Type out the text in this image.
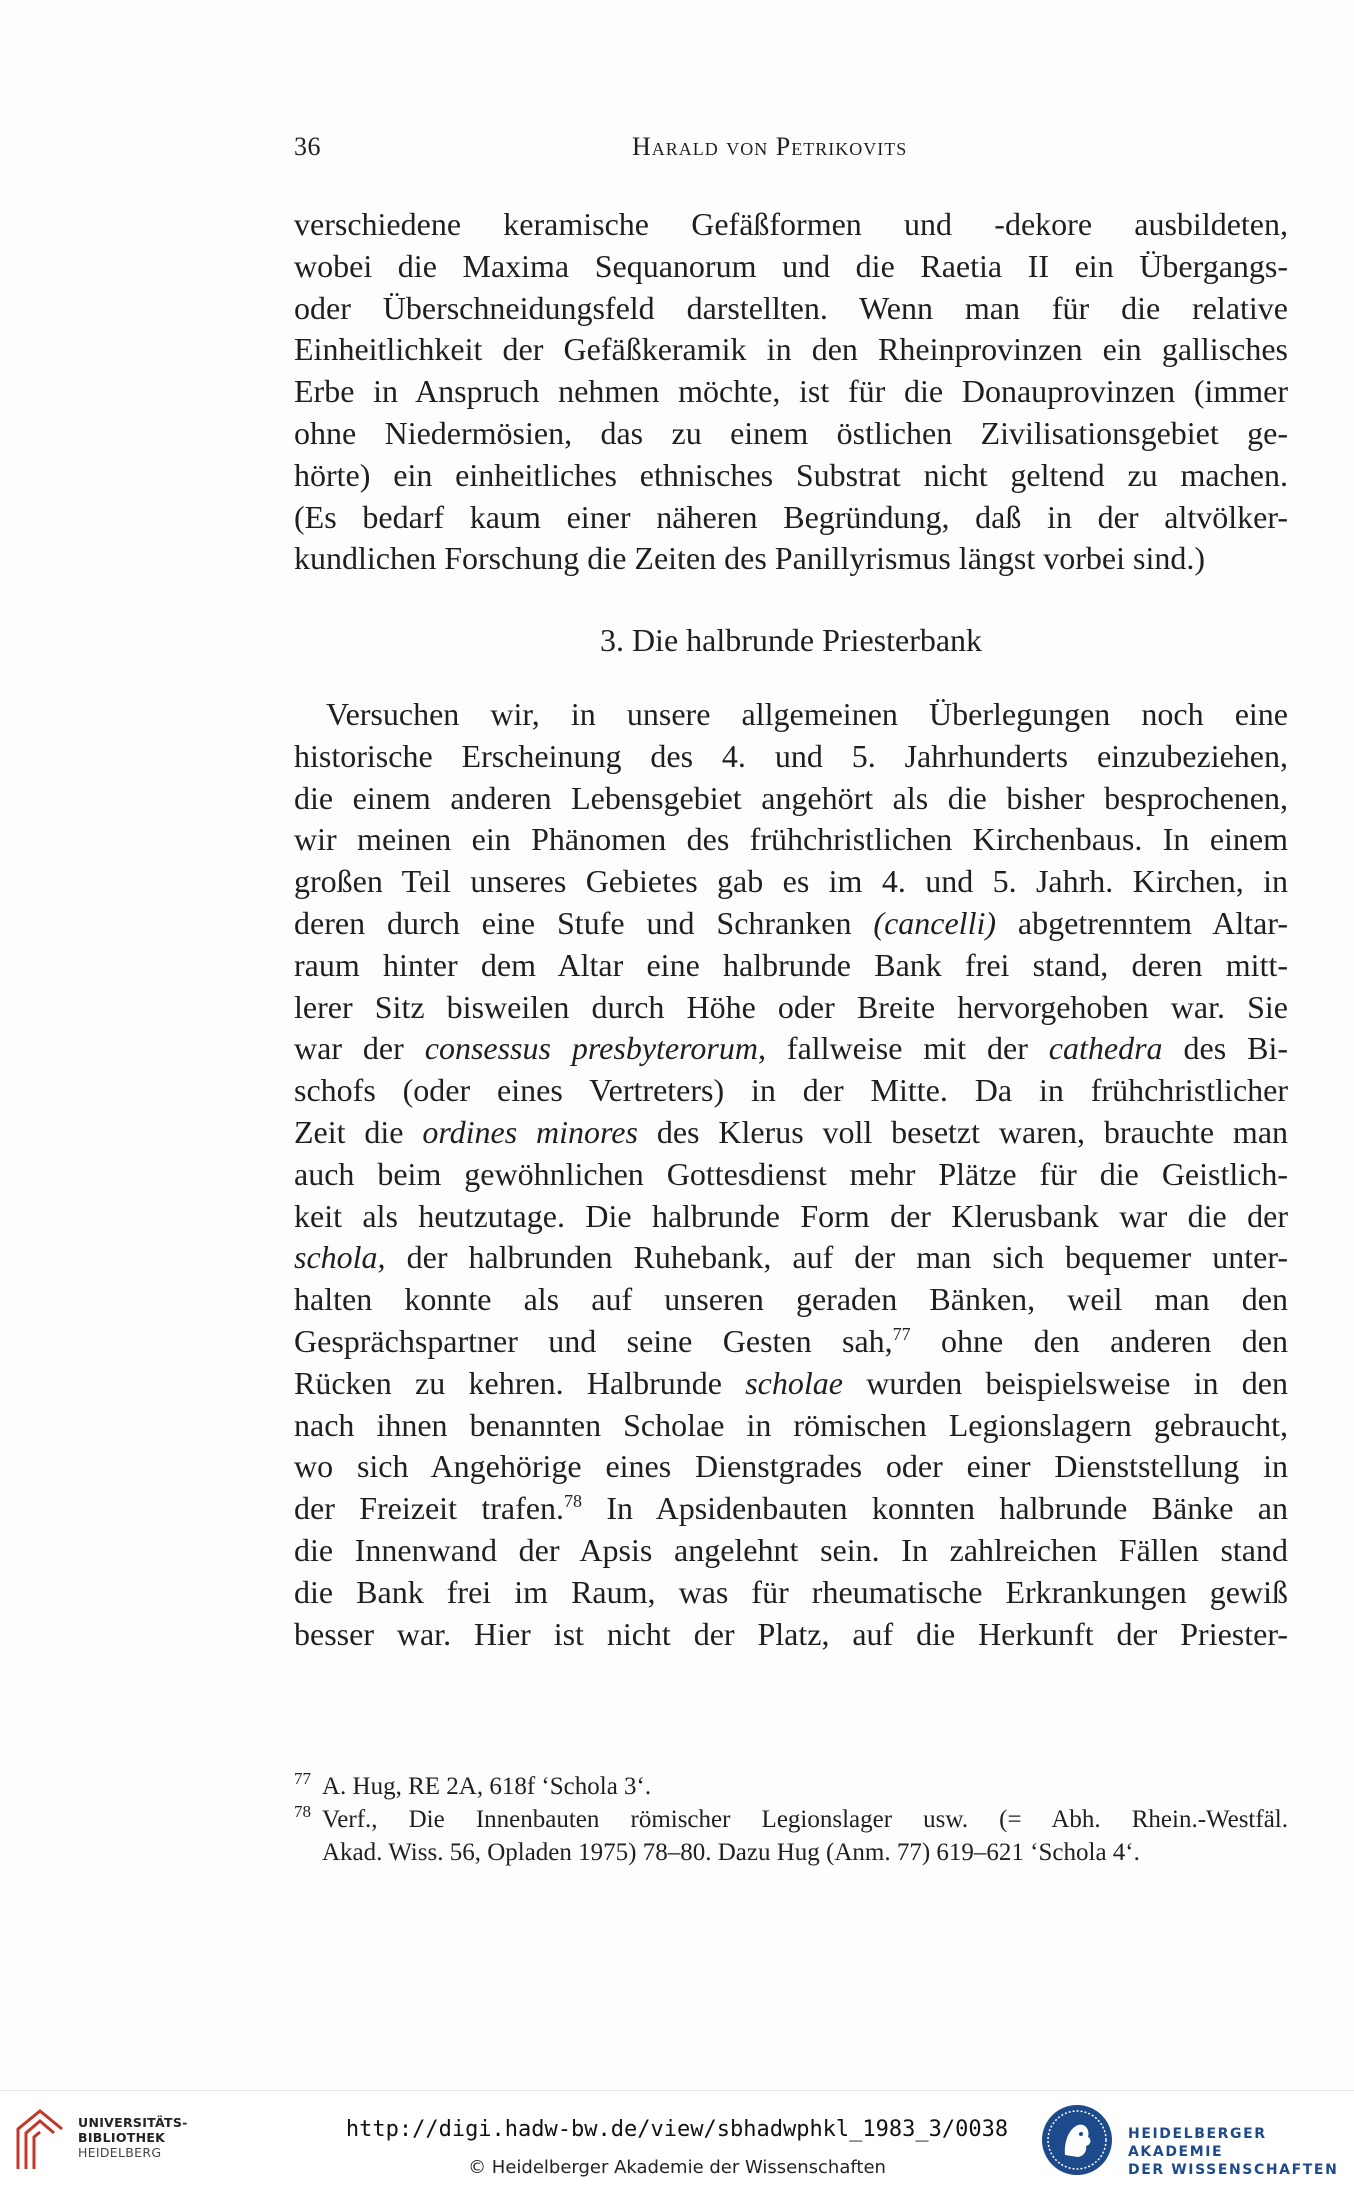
36	Harald von Petrikovits

verschiedene keramische Gefäßformen und -dekore ausbildeten,
wobei die Maxima Sequanorum und die Raetia II ein Übergangs-
oder Überschneidungsfeld darstellten. Wenn man für die relative
Einheitlichkeit der Gefäßkeramik in den Rheinprovinzen ein gallisches
Erbe in Anspruch nehmen möchte, ist für die Donauprovinzen (immer
ohne Niedermösien, das zu einem östlichen Zivilisationsgebiet ge-
hörte) ein einheitliches ethnisches Substrat nicht geltend zu machen.
(Es bedarf kaum einer näheren Begründung, daß in der altvölker-
kundlichen Forschung die Zeiten des Panillyrismus längst vorbei sind.)

3. Die halbrunde Priesterbank

Versuchen wir, in unsere allgemeinen Überlegungen noch eine
historische Erscheinung des 4. und 5. Jahrhunderts einzubeziehen,
die einem anderen Lebensgebiet angehört als die bisher besprochenen,
wir meinen ein Phänomen des frühchristlichen Kirchenbaus. In einem
großen Teil unseres Gebietes gab es im 4. und 5. Jahrh. Kirchen, in
deren durch eine Stufe und Schranken (cancelli) abgetrenntem Altar-
raum hinter dem Altar eine halbrunde Bank frei stand, deren mitt-
lerer Sitz bisweilen durch Höhe oder Breite hervorgehoben war. Sie
war der consessus presbyterorum, fallweise mit der cathedra des Bi-
schofs (oder eines Vertreters) in der Mitte. Da in frühchristlicher
Zeit die ordines minores des Klerus voll besetzt waren, brauchte man
auch beim gewöhnlichen Gottesdienst mehr Plätze für die Geistlich-
keit als heutzutage. Die halbrunde Form der Klerusbank war die der
schola, der halbrunden Ruhebank, auf der man sich bequemer unter-
halten konnte als auf unseren geraden Bänken, weil man den
Gesprächspartner und seine Gesten sah,$^{77}$ ohne den anderen den
Rücken zu kehren. Halbrunde scholae wurden beispielsweise in den
nach ihnen benannten Scholae in römischen Legionslagern gebraucht,
wo sich Angehörige eines Dienstgrades oder einer Dienststellung in
der Freizeit trafen.$^{78}$ In Apsidenbauten konnten halbrunde Bänke an
die Innenwand der Apsis angelehnt sein. In zahlreichen Fällen stand
die Bank frei im Raum, was für rheumatische Erkrankungen gewiß
besser war. Hier ist nicht der Platz, auf die Herkunft der Priester-

77 A. Hug, RE 2A, 618f ‘Schola 3‘.
78 Verf., Die Innenbauten römischer Legionslager usw. (= Abh. Rhein.-Westfäl.
Akad. Wiss. 56, Opladen 1975) 78–80. Dazu Hug (Anm. 77) 619–621 ‘Schola 4‘.
UNIVERSITÄTS-
BIBLIOTHEK
HEIDELBERG
http://digi.hadw-bw.de/view/sbhadwphkl_1983_3/0038
© Heidelberger Akademie der Wissenschaften
HEIDELBERGER AKADEMIE
DER WISSENSCHAFTEN
